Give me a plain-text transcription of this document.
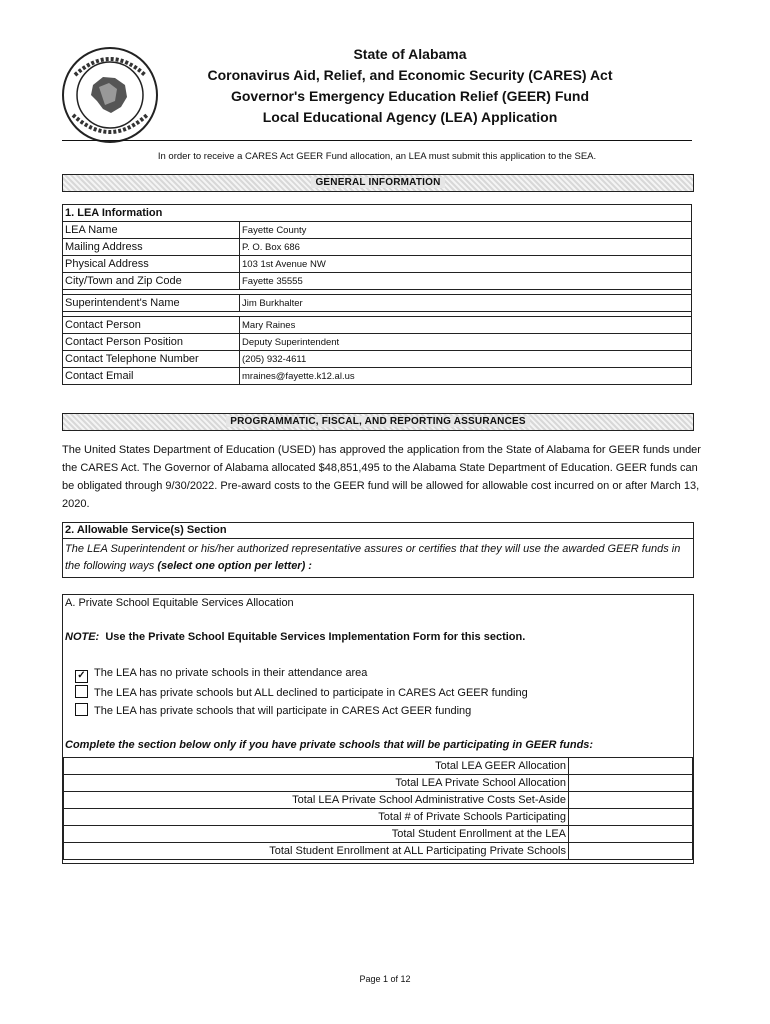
State of Alabama
Coronavirus Aid, Relief, and Economic Security (CARES) Act
Governor's Emergency Education Relief (GEER) Fund
Local Educational Agency (LEA) Application
In order to receive a CARES Act GEER Fund allocation, an LEA must submit this application to the SEA.
GENERAL INFORMATION
1. LEA Information	
LEA Name	Fayette County
Mailing Address	P. O. Box 686
Physical Address	103 1st Avenue NW
City/Town and Zip Code	Fayette 35555

Superintendent's Name	Jim Burkhalter

Contact Person	Mary Raines
Contact Person Position	Deputy Superintendent
Contact Telephone Number	(205) 932-4611
Contact Email	mraines@fayette.k12.al.us
PROGRAMMATIC, FISCAL, AND REPORTING ASSURANCES
The United States Department of Education (USED) has approved the application from the State of Alabama for GEER funds under the CARES Act. The Governor of Alabama allocated $48,851,495 to the Alabama State Department of Education. GEER funds can be obligated through 9/30/2022. Pre-award costs to the GEER fund will be allowed for allowable cost incurred on or after March 13, 2020.
2. Allowable Service(s) Section
The LEA Superintendent or his/her authorized representative assures or certifies that they will use the awarded GEER funds in the following ways (select one option per letter) :
A. Private School Equitable Services Allocation
NOTE: Use the Private School Equitable Services Implementation Form for this section.
✓ The LEA has no private schools in their attendance area
The LEA has private schools but ALL declined to participate in CARES Act GEER funding
The LEA has private schools that will participate in CARES Act GEER funding
Complete the section below only if you have private schools that will be participating in GEER funds:
Total LEA GEER Allocation	
Total LEA Private School Allocation	
Total LEA Private School Administrative Costs Set-Aside	
Total # of Private Schools Participating	
Total Student Enrollment at the LEA	
Total Student Enrollment at ALL Participating Private Schools	
Page 1 of 12
